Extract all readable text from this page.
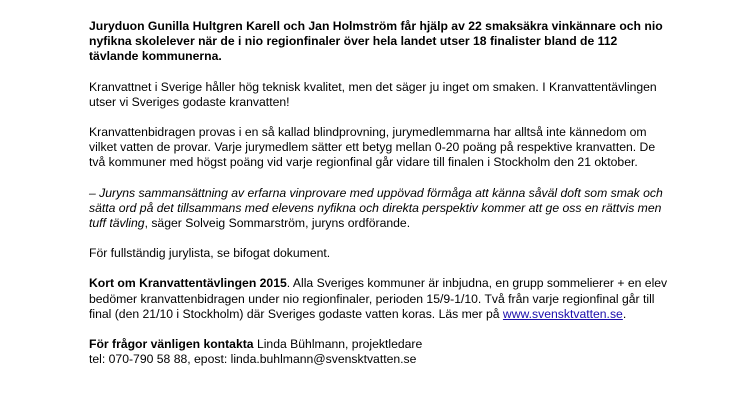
Juryduon Gunilla Hultgren Karell och Jan Holmström får hjälp av 22 smaksäkra vinkännare och nio nyfikna skolelever när de i nio regionfinaler över hela landet utser 18 finalister bland de 112 tävlande kommunerna.

Kranvattnet i Sverige håller hög teknisk kvalitet, men det säger ju inget om smaken. I Kranvattentävlingen utser vi Sveriges godaste kranvatten!

Kranvattenbidragen provas i en så kallad blindprovning, jurymedlemmarna har alltså inte kännedom om vilket vatten de provar. Varje jurymedlem sätter ett betyg mellan 0-20 poäng på respektive kranvatten. De två kommuner med högst poäng vid varje regionfinal går vidare till finalen i Stockholm den 21 oktober.

– Juryns sammansättning av erfarna vinprovare med uppövad förmåga att känna såväl doft som smak och sätta ord på det tillsammans med elevens nyfikna och direkta perspektiv kommer att ge oss en rättvis men tuff tävling, säger Solveig Sommarström, juryns ordförande.

För fullständig jurylista, se bifogat dokument.

Kort om Kranvattentävlingen 2015. Alla Sveriges kommuner är inbjudna, en grupp sommelierer + en elev bedömer kranvattenbidragen under nio regionfinaler, perioden 15/9-1/10. Två från varje regionfinal går till final (den 21/10 i Stockholm) där Sveriges godaste vatten koras. Läs mer på www.svensktvatten.se.

För frågor vänligen kontakta Linda Bühlmann, projektledare
tel: 070-790 58 88, epost: linda.buhlmann@svensktvatten.se
